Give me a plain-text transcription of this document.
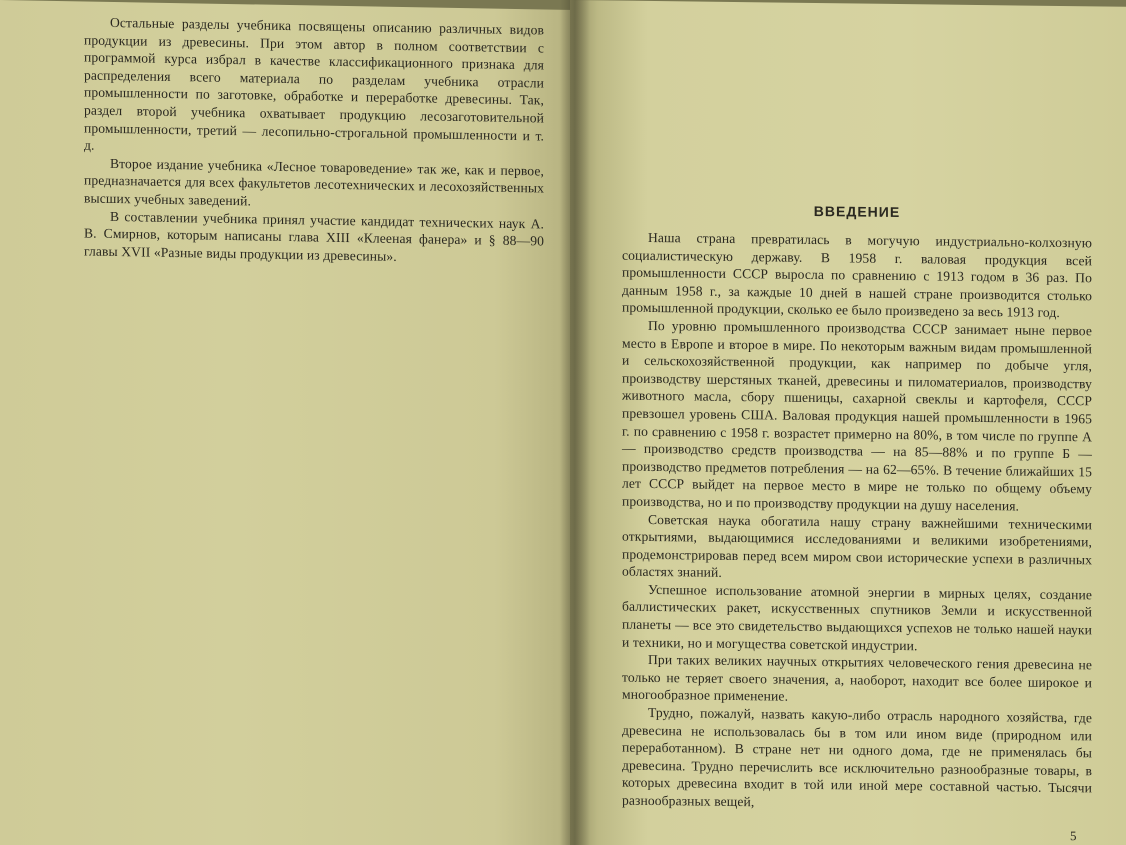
Остальные разделы учебника посвящены описанию различных видов продукции из древесины. При этом автор в полном соответствии с программой курса избрал в качестве классификационного признака для распределения всего материала по разделам учебника отрасли промышленности по заготовке, обработке и переработке древесины. Так, раздел второй учебника охватывает продукцию лесозаготовительной промышленности, третий — лесопильно-строгальной промышленности и т. д.

Второе издание учебника «Лесное товароведение» так же, как и первое, предназначается для всех факультетов лесотехнических и лесохозяйственных высших учебных заведений.

В составлении учебника принял участие кандидат технических наук А. В. Смирнов, которым написаны глава XIII «Клееная фанера» и § 88—90 главы XVII «Разные виды продукции из древесины».

ВВЕДЕНИЕ

Наша страна превратилась в могучую индустриально-колхозную социалистическую державу. В 1958 г. валовая продукция всей промышленности СССР выросла по сравнению с 1913 годом в 36 раз. По данным 1958 г., за каждые 10 дней в нашей стране производится столько промышленной продукции, сколько ее было произведено за весь 1913 год.

По уровню промышленного производства СССР занимает ныне первое место в Европе и второе в мире. По некоторым важным видам промышленной и сельскохозяйственной продукции, как например по добыче угля, производству шерстяных тканей, древесины и пиломатериалов, производству животного масла, сбору пшеницы, сахарной свеклы и картофеля, СССР превзошел уровень США. Валовая продукция нашей промышленности в 1965 г. по сравнению с 1958 г. возрастет примерно на 80%, в том числе по группе А — производство средств производства — на 85—88% и по группе Б — производство предметов потребления — на 62—65%. В течение ближайших 15 лет СССР выйдет на первое место в мире не только по общему объему производства, но и по производству продукции на душу населения.

Советская наука обогатила нашу страну важнейшими техническими открытиями, выдающимися исследованиями и великими изобретениями, продемонстрировав перед всем миром свои исторические успехи в различных областях знаний.

Успешное использование атомной энергии в мирных целях, создание баллистических ракет, искусственных спутников Земли и искусственной планеты — все это свидетельство выдающихся успехов не только нашей науки и техники, но и могущества советской индустрии.

При таких великих научных открытиях человеческого гения древесина не только не теряет своего значения, а, наоборот, находит все более широкое и многообразное применение.

Трудно, пожалуй, назвать какую-либо отрасль народного хозяйства, где древесина не использовалась бы в том или ином виде (природном или переработанном). В стране нет ни одного дома, где не применялась бы древесина. Трудно перечислить все исключительно разнообразные товары, в которых древесина входит в той или иной мере составной частью. Тысячи разнообразных вещей,

5
